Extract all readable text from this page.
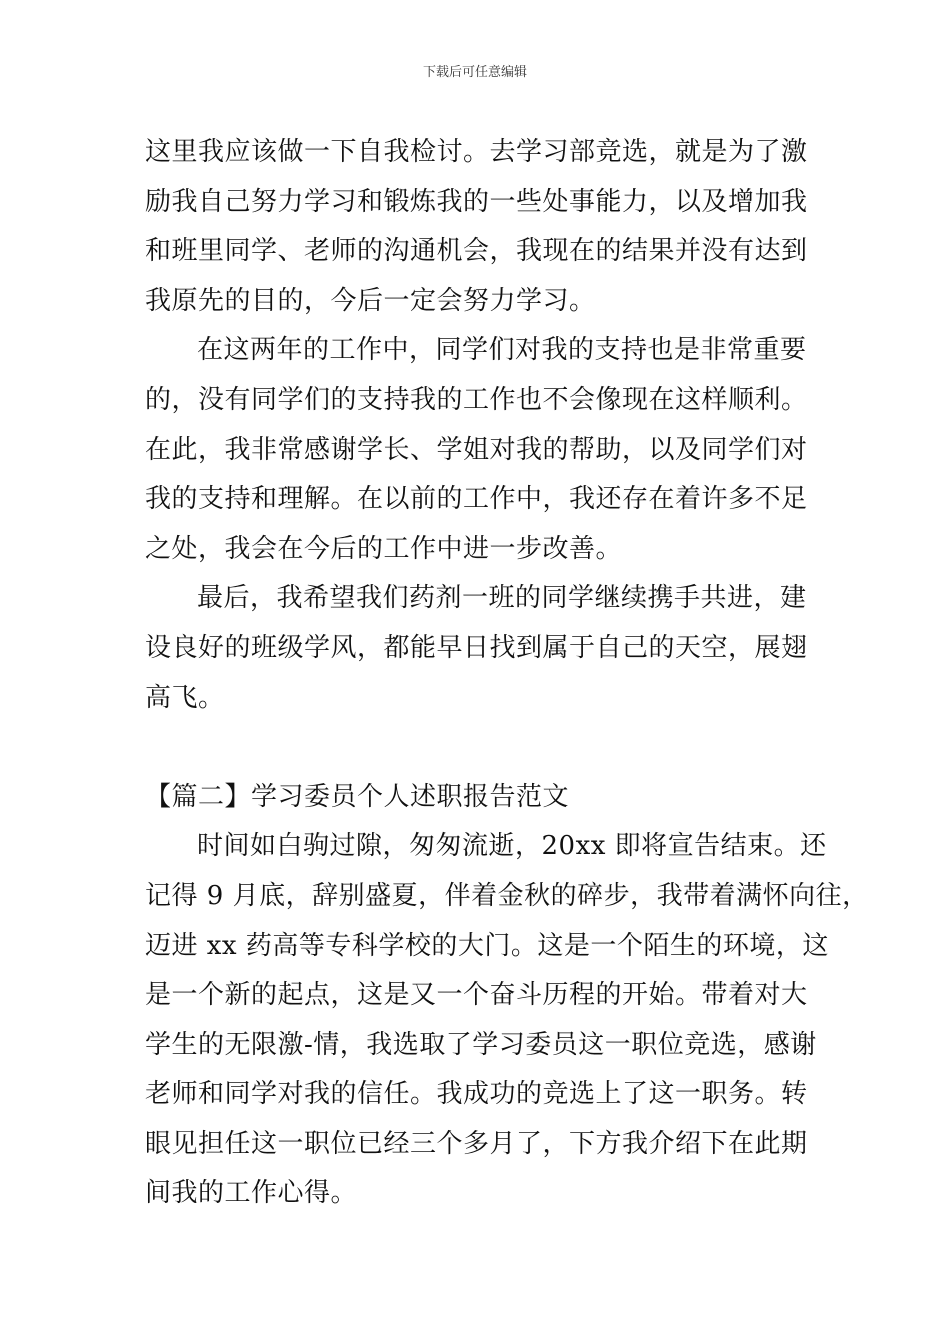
下载后可任意编辑
这里我应该做一下自我检讨。去学习部竞选，就是为了激
励我自己努力学习和锻炼我的一些处事能力，以及增加我
和班里同学、老师的沟通机会，我现在的结果并没有达到
我原先的目的，今后一定会努力学习。
在这两年的工作中，同学们对我的支持也是非常重要
的，没有同学们的支持我的工作也不会像现在这样顺利。
在此，我非常感谢学长、学姐对我的帮助，以及同学们对
我的支持和理解。在以前的工作中，我还存在着许多不足
之处，我会在今后的工作中进一步改善。
最后，我希望我们药剂一班的同学继续携手共进，建
设良好的班级学风，都能早日找到属于自己的天空，展翅
高飞。
【篇二】学习委员个人述职报告范文
时间如白驹过隙，匆匆流逝，20xx 即将宣告结束。还
记得 9 月底，辞别盛夏，伴着金秋的碎步，我带着满怀向往，
迈进 xx 药高等专科学校的大门。这是一个陌生的环境，这
是一个新的起点，这是又一个奋斗历程的开始。带着对大
学生的无限激-情，我选取了学习委员这一职位竞选，感谢
老师和同学对我的信任。我成功的竞选上了这一职务。转
眼见担任这一职位已经三个多月了，下方我介绍下在此期
间我的工作心得。
